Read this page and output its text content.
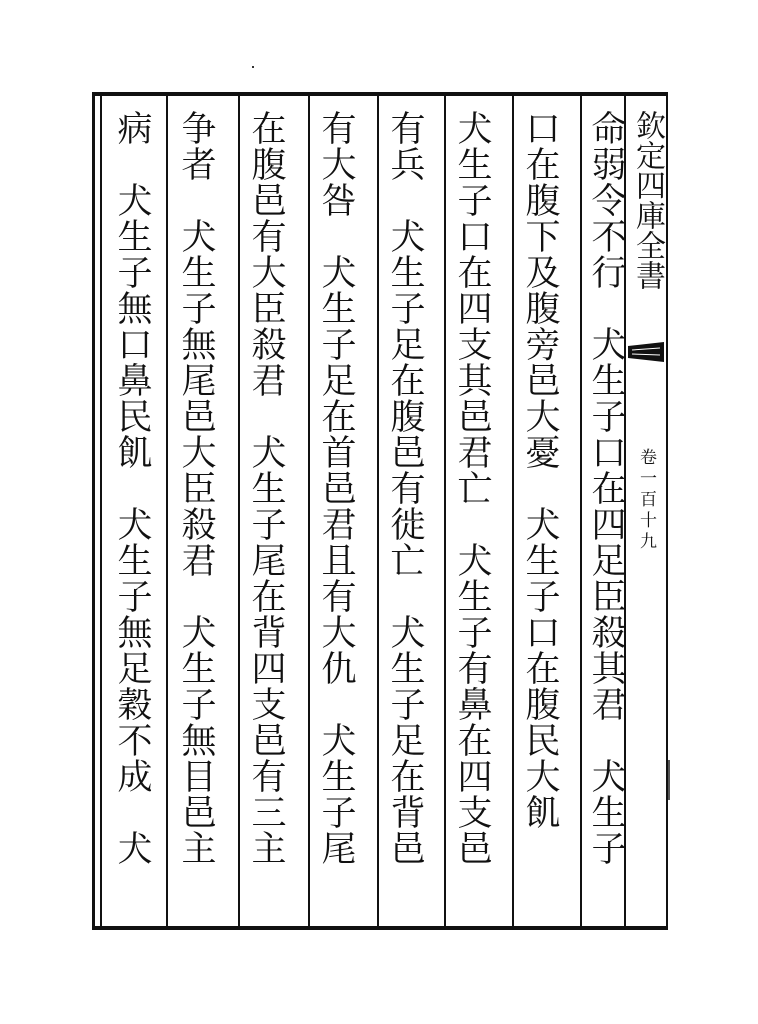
命弱令不行　犬生子口在四足臣殺其君　犬生子
口在腹下及腹旁邑大憂　犬生子口在腹民大飢
犬生子口在四支其邑君亡　犬生子有鼻在四支邑
有兵　犬生子足在腹邑有徙亡　犬生子足在背邑
有大咎　犬生子足在首邑君且有大仇　犬生子尾
在腹邑有大臣殺君　犬生子尾在背四支邑有三主
争者　犬生子無尾邑大臣殺君　犬生子無目邑主
病　犬生子無口鼻民飢　犬生子無足穀不成　犬	欽定四庫全書
卷一百十九
